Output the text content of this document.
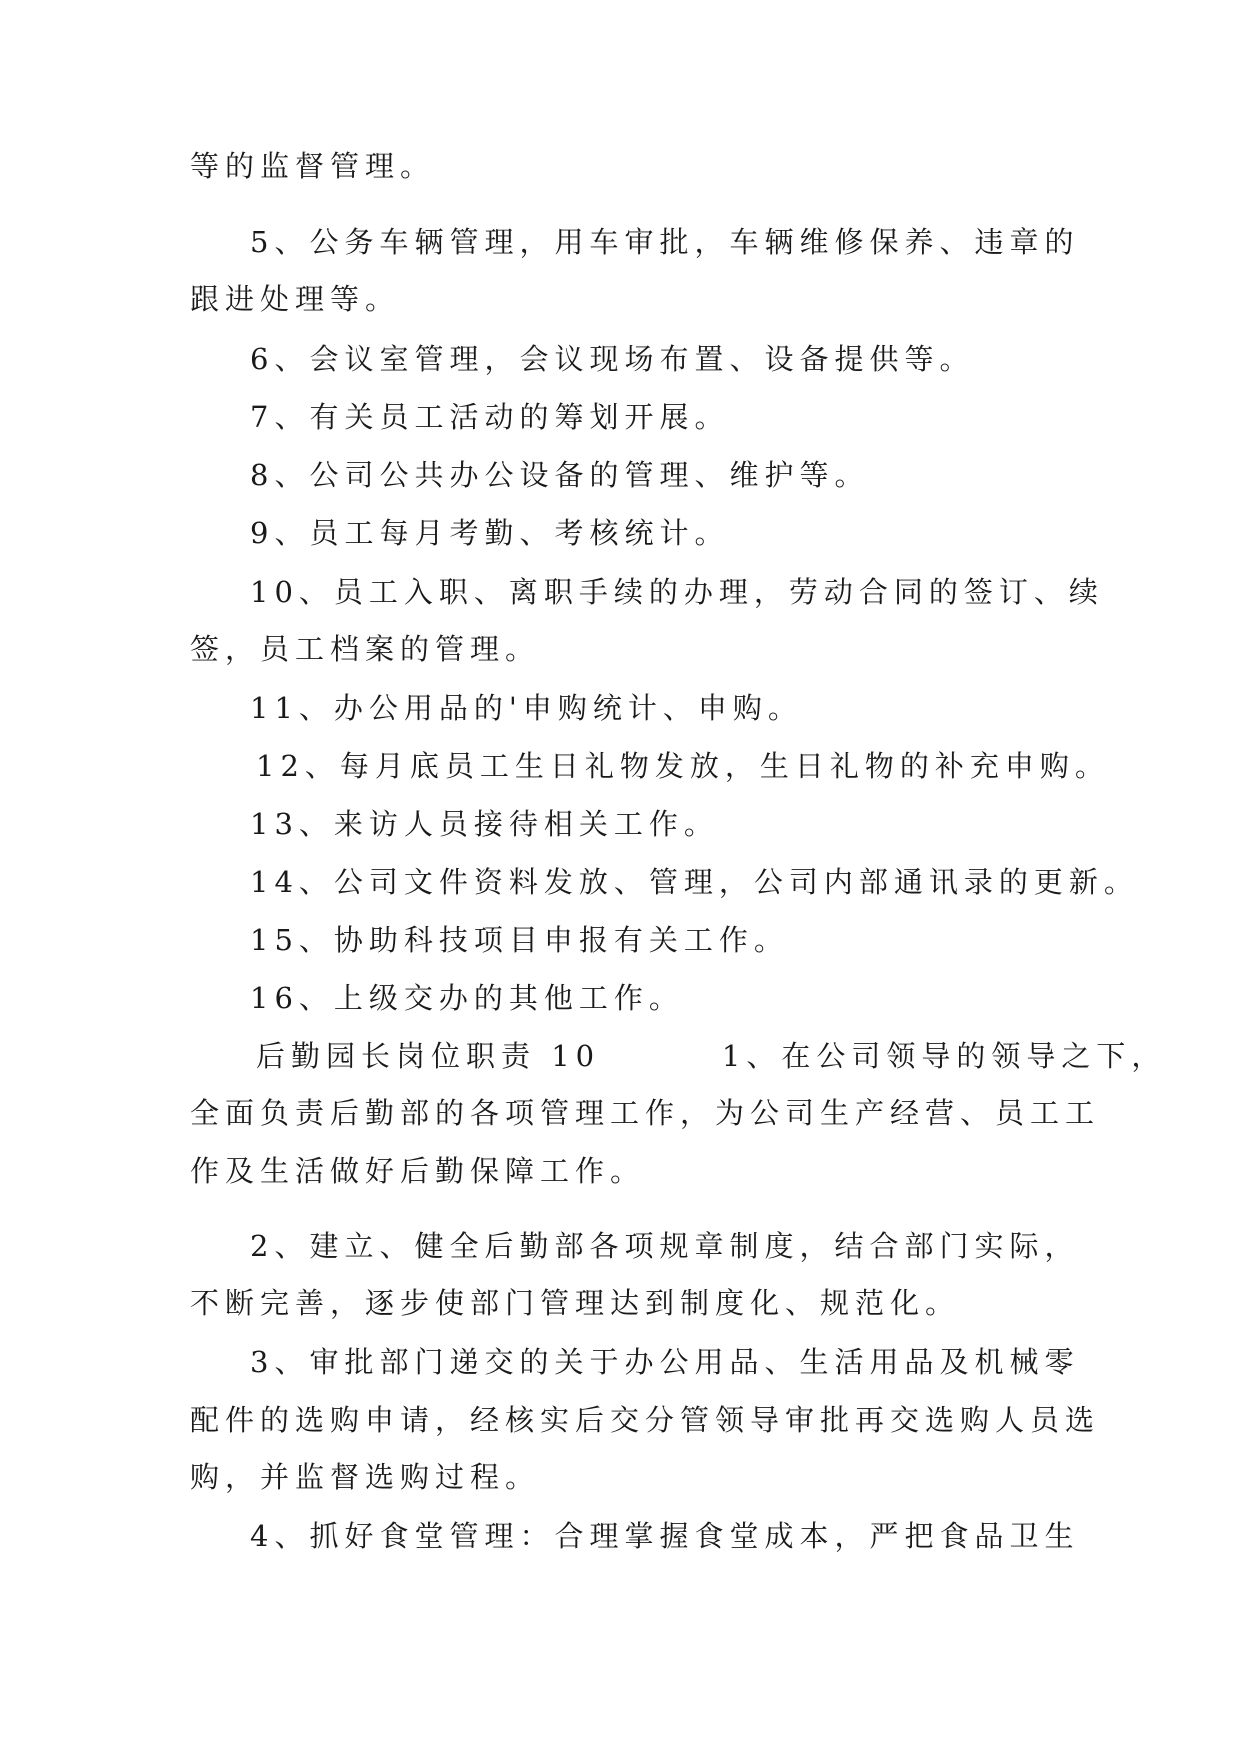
等的监督管理。
5、公务车辆管理，用车审批，车辆维修保养、违章的
跟进处理等。
6、会议室管理，会议现场布置、设备提供等。
7、有关员工活动的筹划开展。
8、公司公共办公设备的管理、维护等。
9、员工每月考勤、考核统计。
10、员工入职、离职手续的办理，劳动合同的签订、续
签，员工档案的管理。
11、办公用品的'申购统计、申购。
12、每月底员工生日礼物发放，生日礼物的补充申购。
13、来访人员接待相关工作。
14、公司文件资料发放、管理，公司内部通讯录的更新。
15、协助科技项目申报有关工作。
16、上级交办的其他工作。
后勤园长岗位职责 10        1、在公司领导的领导之下，
全面负责后勤部的各项管理工作，为公司生产经营、员工工
作及生活做好后勤保障工作。
2、建立、健全后勤部各项规章制度，结合部门实际，
不断完善，逐步使部门管理达到制度化、规范化。
3、审批部门递交的关于办公用品、生活用品及机械零
配件的选购申请，经核实后交分管领导审批再交选购人员选
购，并监督选购过程。
4、抓好食堂管理：合理掌握食堂成本，严把食品卫生
